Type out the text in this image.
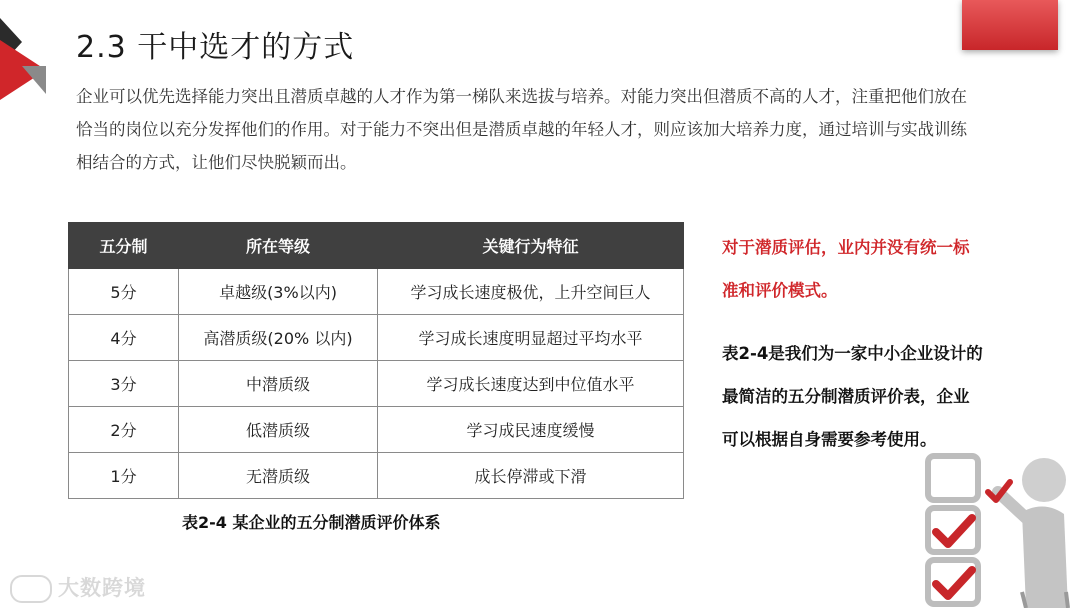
2.3 干中选才的方式

企业可以优先选择能力突出且潜质卓越的人才作为第一梯队来选拔与培养。对能力突出但潜质不高的人才，注重把他们放在

恰当的岗位以充分发挥他们的作用。对于能力不突出但是潜质卓越的年轻人才，则应该加大培养力度，通过培训与实战训练

相结合的方式，让他们尽快脱颖而出。

五分制	所在等级	关键行为特征
5分	卓越级(3%以内)	学习成长速度极优，上升空间巨人
4分	高潜质级(20% 以内)	学习成长速度明显超过平均水平
3分	中潜质级	学习成长速度达到中位值水平
2分	低潜质级	学习成民速度缓慢
1分	无潜质级	成长停滞或下滑
表2-4 某企业的五分制潜质评价体系

对于潜质评估，业内并没有统一标

准和评价模式。

表2-4是我们为一家中小企业设计的

最简洁的五分制潜质评价表，企业

可以根据自身需要参考使用。

大数跨境
